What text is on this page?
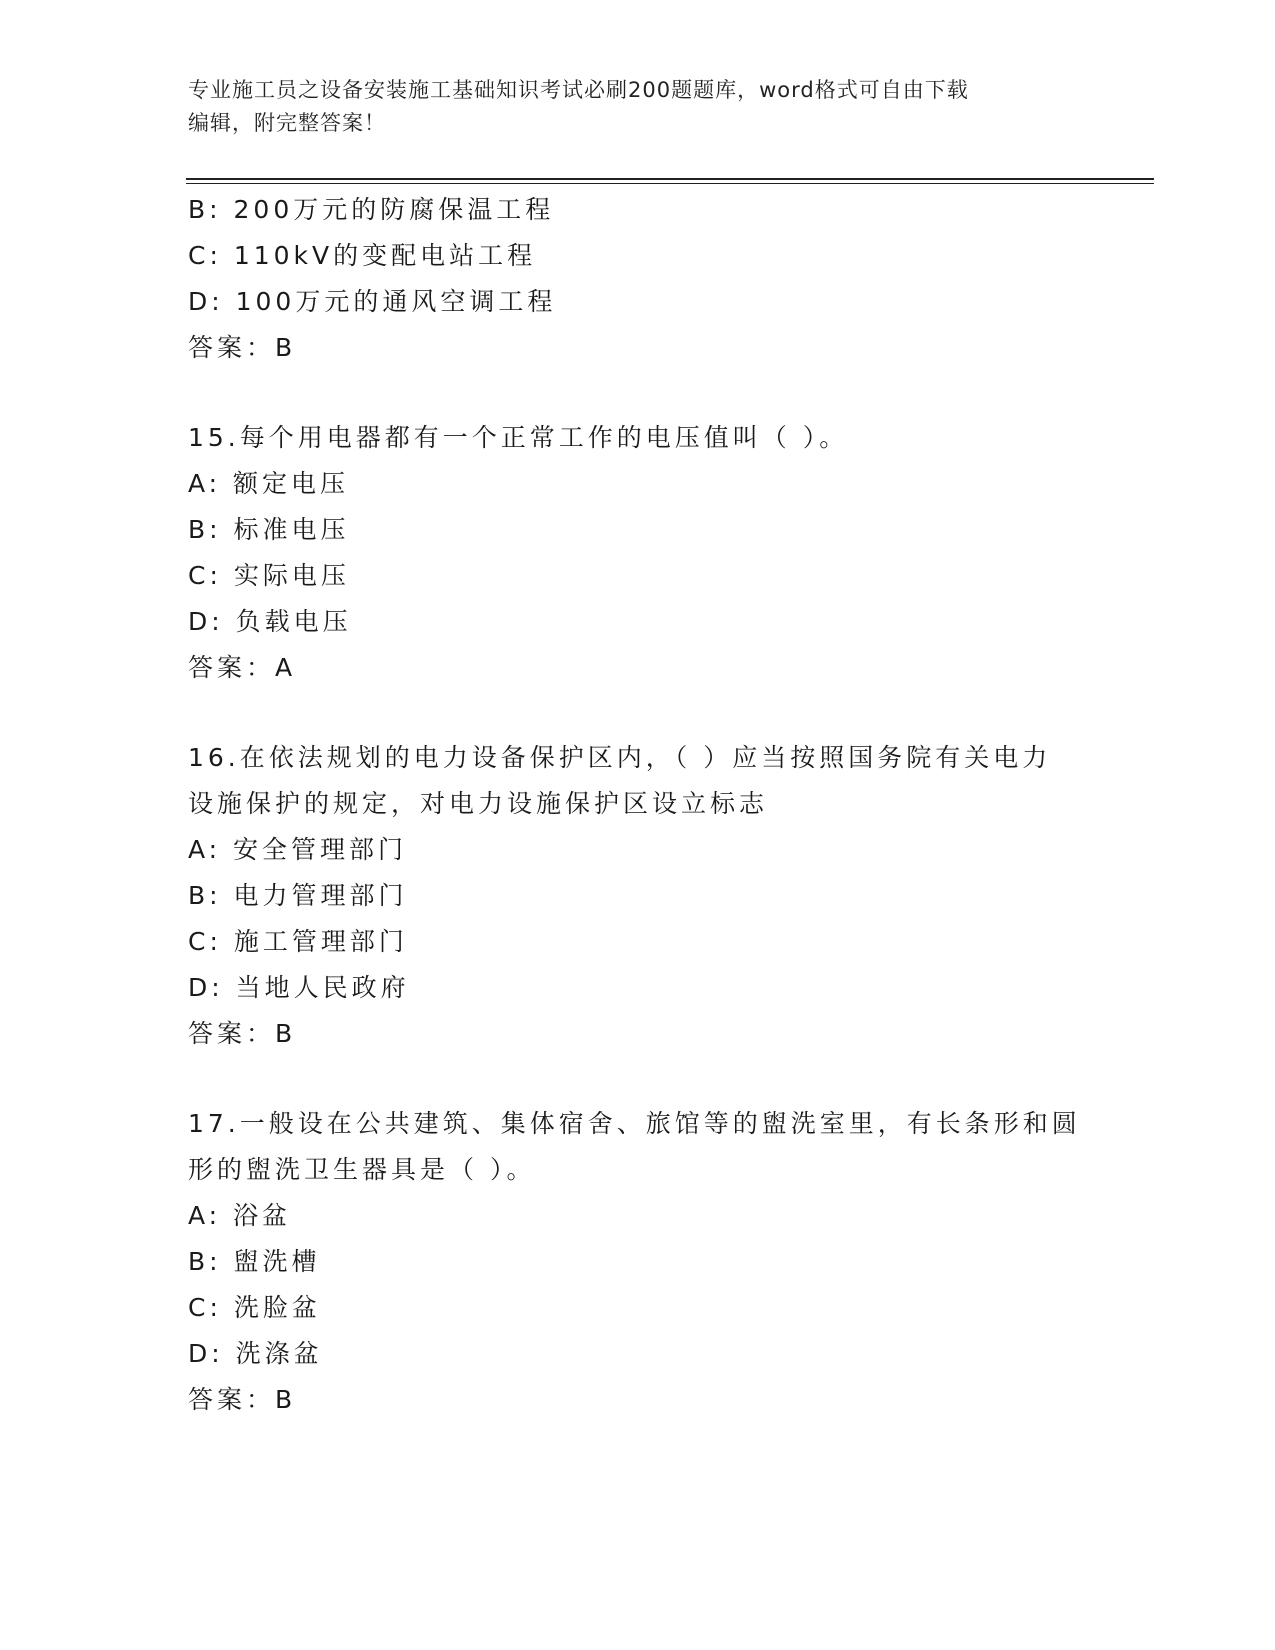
专业施工员之设备安装施工基础知识考试必刷200题题库，word格式可自由下载
编辑，附完整答案！
B: 200万元的防腐保温工程
C: 110kV的变配电站工程
D: 100万元的通风空调工程
答案：B
15.每个用电器都有一个正常工作的电压值叫（ ）。
A: 额定电压
B: 标准电压
C: 实际电压
D: 负载电压
答案：A
16.在依法规划的电力设备保护区内，（ ）应当按照国务院有关电力
设施保护的规定，对电力设施保护区设立标志
A: 安全管理部门
B: 电力管理部门
C: 施工管理部门
D: 当地人民政府
答案：B
17.一般设在公共建筑、集体宿舍、旅馆等的盥洗室里，有长条形和圆
形的盥洗卫生器具是（ ）。
A: 浴盆
B: 盥洗槽
C: 洗脸盆
D: 洗涤盆
答案：B
